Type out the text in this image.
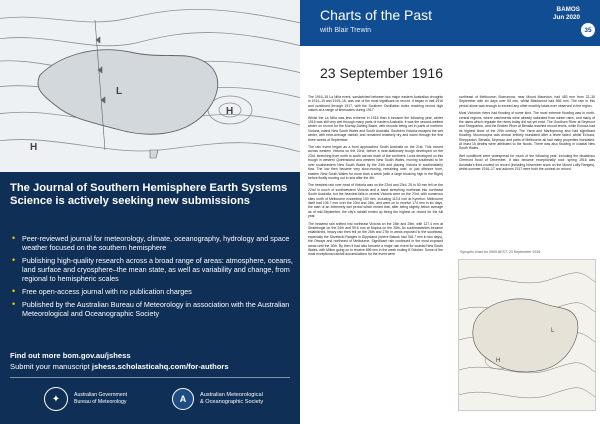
L
H
H
The Journal of Southern Hemisphere Earth Systems Science is actively seeking new submissions
• Peer-reviewed journal for meteorology, climate, oceanography, hydrology and space weather focused on the southern hemisphere
• Publishing high-quality research across a broad range of areas: atmosphere, oceans, land surface and cryosphere–the mean state, as well as variability and change, from regional to hemispheric scales
• Free open-access journal with no publication charges
• Published by the Australian Bureau of Meteorology in association with the Australian Meteorological and Oceanographic Society
Find out more bom.gov.au/jshess
Submit your manuscript jshess.scholasticahq.com/for-authors
✦	Australian Government
Bureau of Meteorology	A	Australian Meteorological
& Oceanographic Society
Charts of the Past
with Blair Trewin
BAMOS
Jun 2020
35
23 September 1916

The 1916–18 La Niña event, sandwiched between two major eastern Australian droughts in 1914–15 and 1919–16, was one of the most significant on record. It began in mid-1916 and continued through 1917, with the Southern Oscillation Index reaching record high values at a range of timescales during 1917.

Whilst the La Niña was less extreme in 1916 than it became the following year, winter 1916 was still very wet through many parts of eastern Australia. It was the second-wettest winter on record for the Murray-Darling Basin, with records being set in parts of northern Victoria, inland New South Wales and South Australia. Southern Victoria escaped the wet winter, with near-average rainfall, and remained relatively dry and warm through the first three weeks of September.

The rain event began as a front approached South Australia on the 21st. This moved across western Victoria on the 22nd, before a near-stationary trough developed on the 23rd, stretching from north to south across much of the continent. Lows developed on this trough in western Queensland and western New South Wales, moving southeast to be over southeastern New South Wales by the 24th and placing Victoria in southeasterly flow. The low then became very slow-moving, remaining over, or just offshore from, eastern New South Wales for more than a week (with a large blocking high in the Bight) before finally moving out to sea after the 4th.

The heaviest rain over most of Victoria was on the 22nd and 23rd. 25 to 50 mm fell on the 22nd in much of southwestern Victoria and a band stretching northeast into northeast South Australia, but the heaviest falls in central Victoria were on the 23rd, with numerous sites north of Melbourne exceeding 100 mm, including 113.4 mm at Kyneton. Melbourne itself had 106.7 mm over the 23rd and 24th, and went on to receive 174 mm in six days, the start of an extremely wet period which meant that, after being slightly below average as of mid-September, the city's rainfall ended up being the highest on record for the full year.

The heaviest rain shifted into northeast Victoria on the 24th and 25th, with 127.4 mm at Strathbogie on the 24th and 99.6 mm at Mopha on the 25th. As southeasterlies became established, heavy rain then fell on the 26th and 27th in areas exposed to the southeast, especially the Strzelecki Ranges in Gippsland (where Balook had 318.7 mm in two days), the Otways and northeast of Melbourne. Significant rain continued in the most exposed areas until the 30th. By then it had also become a major rain event for coastal New South Wales, with Milton going on to receive 696 mm in the week ending 8 October. Some of the most exceptional rainfall accumulations for the event were

northeast of Melbourne; Buxrunnna, near Mount Macedon, had 483 mm from 22–30 September with six days over 50 mm, whilst Blackwood had 565 mm. The rain in this period alone was enough to exceed any other monthly totals ever observed in the region.

Most Victorian rivers had flooding of some kind. The most extreme flooding was in north-central regions, where catchments were already saturated from winter rains, and many of the dams which regulate the rivers today did not yet exist. The Goulburn River at Seymour and Shepparton, and the Broken River at Benalla reached record levels, while Echuca had its highest flood of the 20th century. The Yarra and Maribyrnong also had significant flooding. Moorooopna was almost entirely inundated after a levee failed, whilst Echuca, Shepparton, Benalla, Seymour and parts of Melbourne all had many properties inundated. At least 15 deaths were attributed to the floods. There was also flooding in coastal New South Wales.

Wet conditions were widespread for much of the following year, including the disastrous Clermont flood of December. It also became exceptionally cool: spring 1916 was Australia's third-coolest on record (including November snow on the Mount Lofty Ranges), whilst summer 1916–17 and autumn 1917 were both the coolest on record.

Synoptic chart for 0900 AEST, 23 September 1916
L
H
